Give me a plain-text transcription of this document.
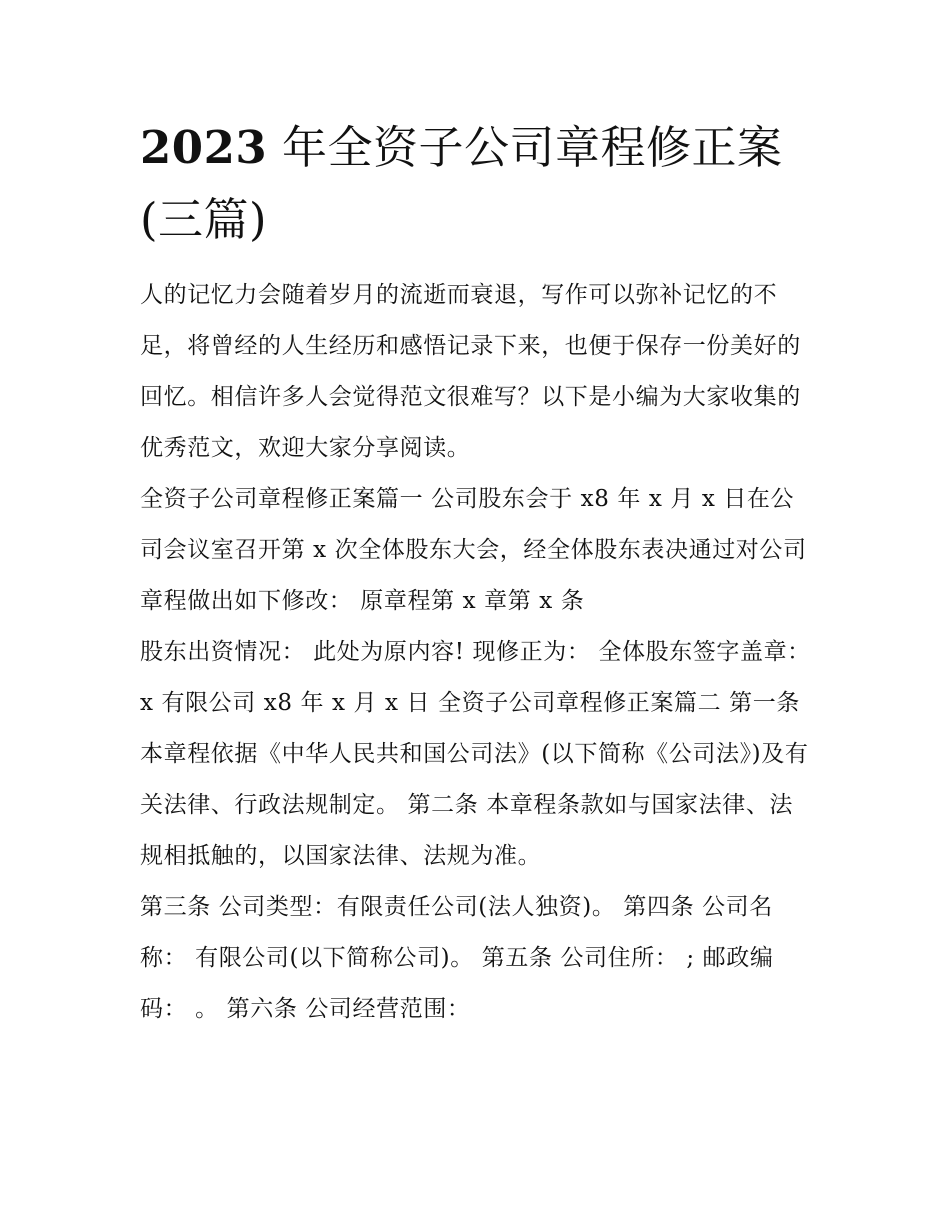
2023 年全资子公司章程修正案(三篇)

人的记忆力会随着岁月的流逝而衰退，写作可以弥补记忆的不足，将曾经的人生经历和感悟记录下来，也便于保存一份美好的回忆。相信许多人会觉得范文很难写？以下是小编为大家收集的优秀范文，欢迎大家分享阅读。

全资子公司章程修正案篇一 公司股东会于 x8 年 x 月 x 日在公司会议室召开第 x 次全体股东大会，经全体股东表决通过对公司章程做出如下修改： 原章程第 x 章第 x 条

股东出资情况： 此处为原内容! 现修正为： 全体股东签字盖章： x 有限公司 x8 年 x 月 x 日 全资子公司章程修正案篇二 第一条

本章程依据《中华人民共和国公司法》(以下简称《公司法》)及有关法律、行政法规制定。 第二条 本章程条款如与国家法律、法规相抵触的，以国家法律、法规为准。

第三条 公司类型：有限责任公司(法人独资)。 第四条 公司名称： 有限公司(以下简称公司)。 第五条 公司住所： ; 邮政编码： 。 第六条 公司经营范围：
